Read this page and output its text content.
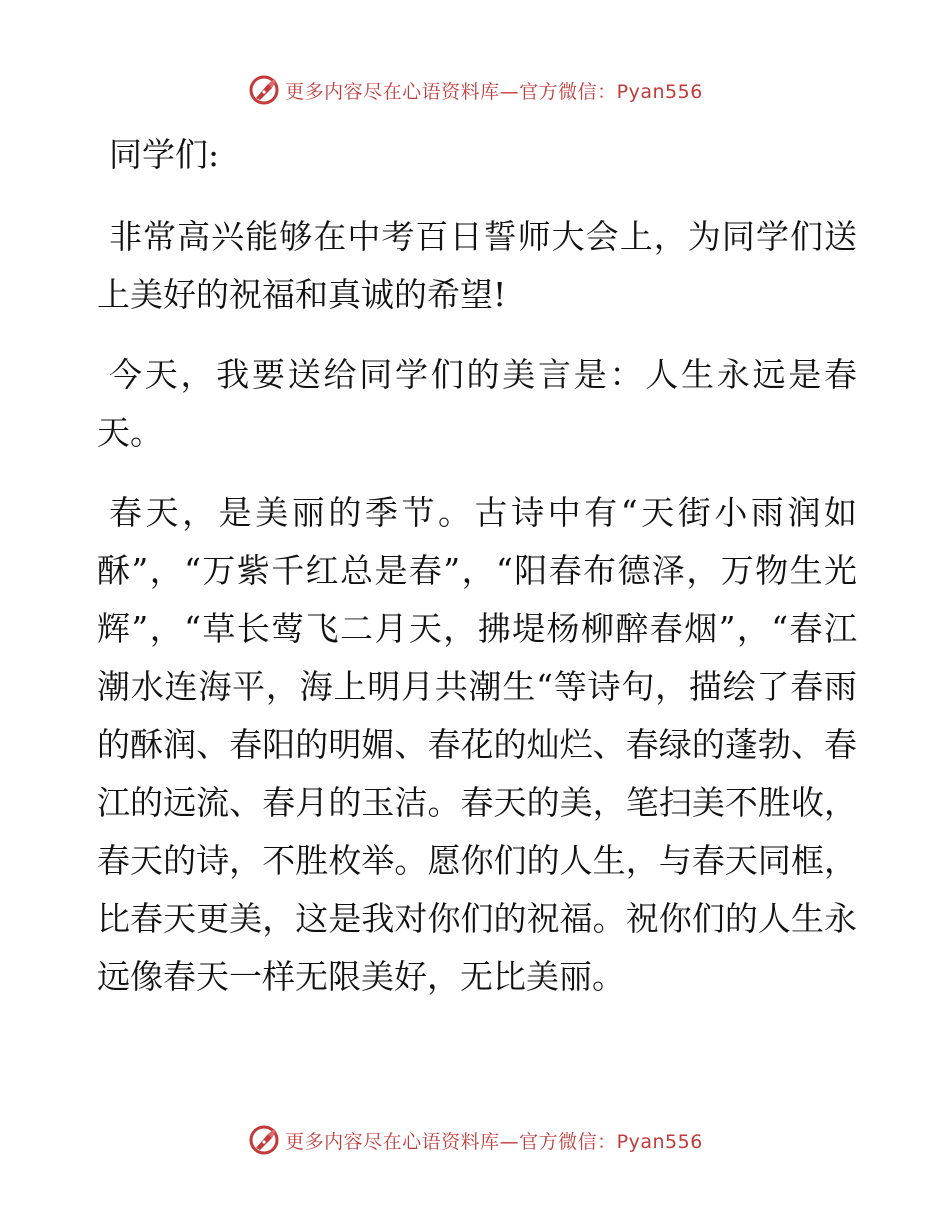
更多内容尽在心语资料库—官方微信：Pyan556

同学们:

非常高兴能够在中考百日誓师大会上，为同学们送上美好的祝福和真诚的希望!

今天，我要送给同学们的美言是：人生永远是春天。

春天，是美丽的季节。古诗中有“天街小雨润如酥”，“万紫千红总是春”，“阳春布德泽，万物生光辉”，“草长莺飞二月天，拂堤杨柳醉春烟”，“春江潮水连海平，海上明月共潮生“等诗句，描绘了春雨的酥润、春阳的明媚、春花的灿烂、春绿的蓬勃、春江的远流、春月的玉洁。春天的美，笔扫美不胜收，春天的诗，不胜枚举。愿你们的人生，与春天同框，比春天更美，这是我对你们的祝福。祝你们的人生永远像春天一样无限美好，无比美丽。

更多内容尽在心语资料库—官方微信：Pyan556
